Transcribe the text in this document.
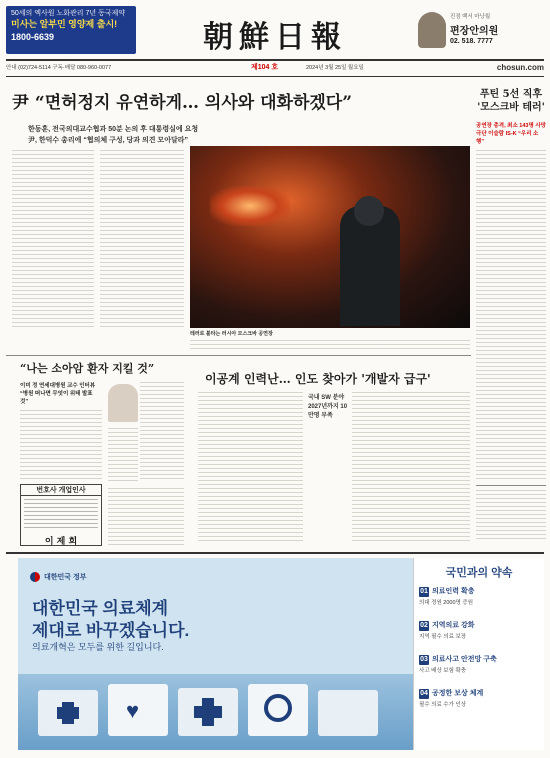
50세의 엑사원 노화관리 7년 동국제약
미사는 알부민 영양제 출시!
1800-6639	朝鮮日報
진점 백서 마낭월
편장안의원
02. 518. 7777
안내 (02)724-5114 구독·배달 080-960-0077	제104 호	2024년 3월 25일 월요일	chosun.com
尹 “면허정지 유연하게… 의사와 대화하겠다”
한동훈, 전국의대교수협과 50분 논의 후 대통령실에 요청
尹, 한덕수 총리에 “협의체 구성, 당과 의견 모아달라”
테러로 불타는 러시아 모스크바 공연장
푸틴 5선 직후 '모스크바 테러'
공연장 총격, 최소 143명 사망 극단 이슬람 IS-K “우리 소행”
“나는 소아암 환자 지킬 것”
이미 정 연세대병원 교수 인터뷰 “병원 떠나면 무엇이 위태 발표 것”
번호사 개업인사
이 제 희
이공계 인력난… 인도 찾아가 '개발자 급구'
국내 SW 분야 2027년까지 10만명 부족
대한민국 정부
대한민국 의료체계
제대로 바꾸겠습니다.
의료개혁은 모두를 위한 길입니다.
♥
국민과의 약속
01 의료인력 확충
의대 정원 2000명 증원
02 지역의료 강화
지역 필수 의료 보장
03 의료사고 안전망 구축
사고 배상 보험 확충
04 공정한 보상 체계
필수 의료 수가 인상
